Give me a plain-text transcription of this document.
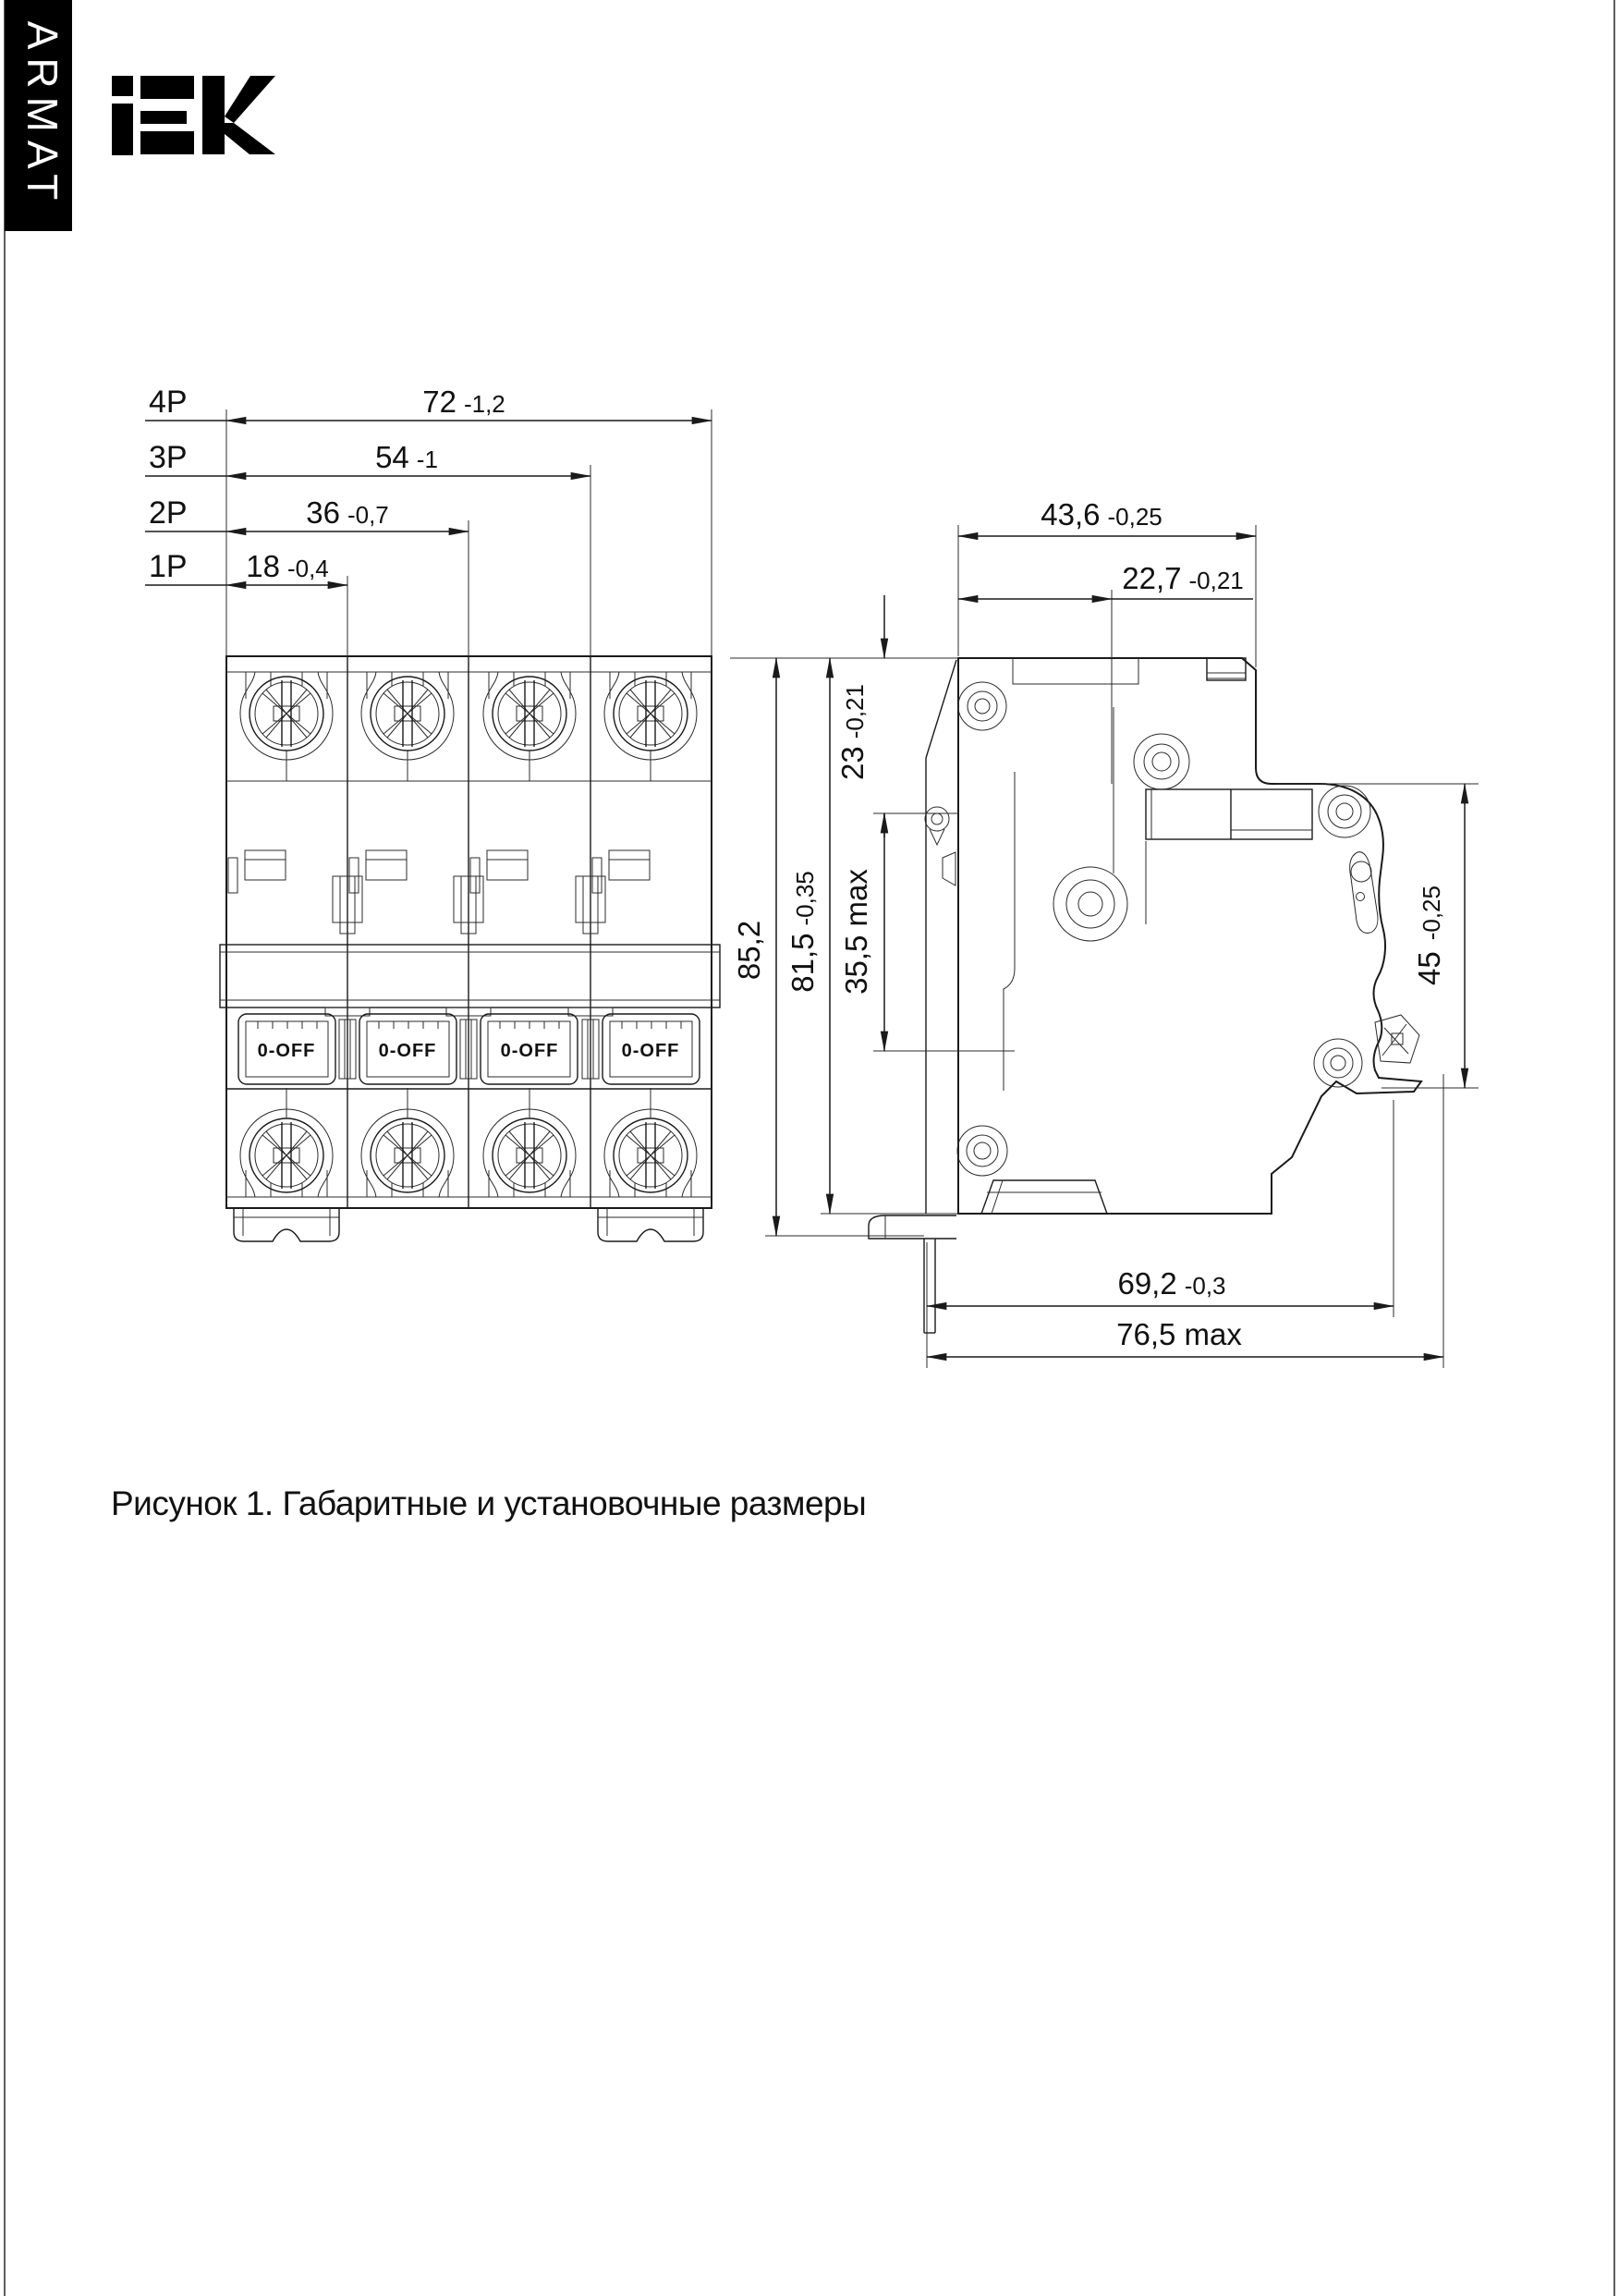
ARMAT
0-OFF	0-OFF	0-OFF	0-OFF
4P	72 -1,2
3P	54 -1
2P	36 -0,7
1P 18 -0,4
43,6 -0,25
22,7 -0,21
23-0,21
35,5 max
81,5-0,35
85,2	45-0,25
69,2 -0,3
76,5 max
Рисунок 1. Габаритные и установочные размеры
